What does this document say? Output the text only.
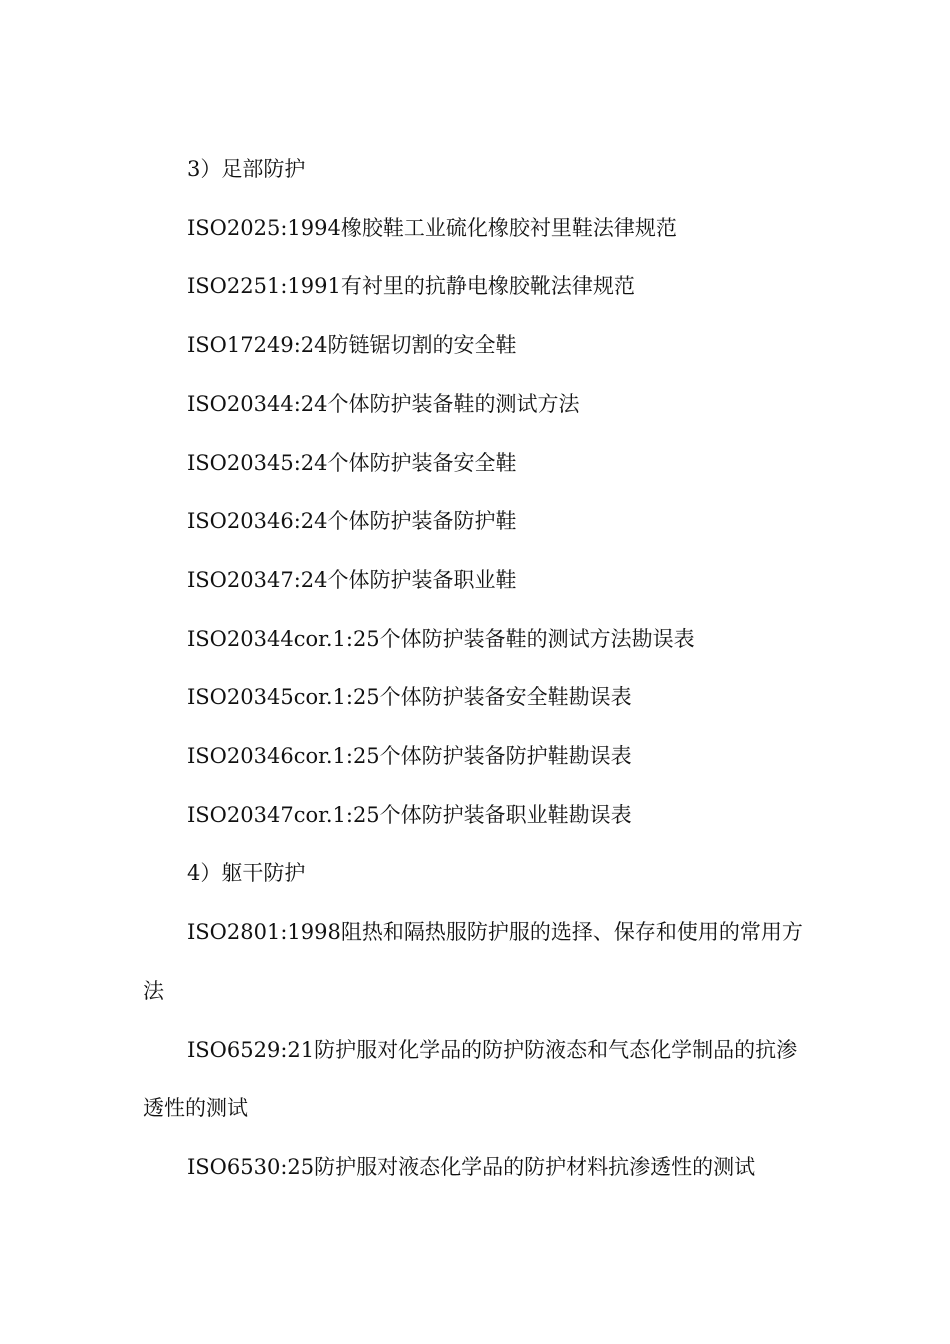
3）足部防护

ISO2025:1994橡胶鞋工业硫化橡胶衬里鞋法律规范

ISO2251:1991有衬里的抗静电橡胶靴法律规范

ISO17249:24防链锯切割的安全鞋

ISO20344:24个体防护装备鞋的测试方法

ISO20345:24个体防护装备安全鞋

ISO20346:24个体防护装备防护鞋

ISO20347:24个体防护装备职业鞋

ISO20344cor.1:25个体防护装备鞋的测试方法勘误表

ISO20345cor.1:25个体防护装备安全鞋勘误表

ISO20346cor.1:25个体防护装备防护鞋勘误表

ISO20347cor.1:25个体防护装备职业鞋勘误表

4）躯干防护

ISO2801:1998阻热和隔热服防护服的选择、保存和使用的常用方法

ISO6529:21防护服对化学品的防护防液态和气态化学制品的抗渗透性的测试

ISO6530:25防护服对液态化学品的防护材料抗渗透性的测试
